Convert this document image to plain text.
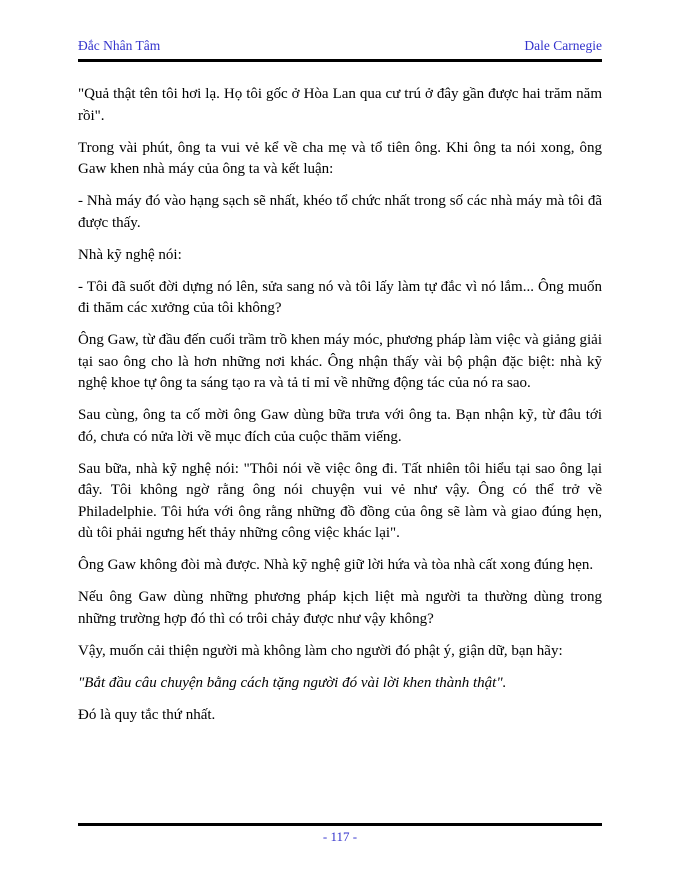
Đắc Nhân Tâm	Dale Carnegie

"Quả thật tên tôi hơi lạ. Họ tôi gốc ở Hòa Lan qua cư trú ở đây gần được hai trăm năm rồi".

Trong vài phút, ông ta vui vẻ kể về cha mẹ và tổ tiên ông. Khi ông ta nói xong, ông Gaw khen nhà máy của ông ta và kết luận:

- Nhà máy đó vào hạng sạch sẽ nhất, khéo tổ chức nhất trong số các nhà máy mà tôi đã được thấy.

Nhà kỹ nghệ nói:

- Tôi đã suốt đời dựng nó lên, sửa sang nó và tôi lấy làm tự đắc vì nó lắm... Ông muốn đi thăm các xưởng của tôi không?

Ông Gaw, từ đầu đến cuối trầm trồ khen máy móc, phương pháp làm việc và giảng giải tại sao ông cho là hơn những nơi khác. Ông nhận thấy vài bộ phận đặc biệt: nhà kỹ nghệ khoe tự ông ta sáng tạo ra và tả tỉ mỉ về những động tác của nó ra sao.

Sau cùng, ông ta cố mời ông Gaw dùng bữa trưa với ông ta. Bạn nhận kỹ, từ đâu tới đó, chưa có nửa lời về mục đích của cuộc thăm viếng.

Sau bữa, nhà kỹ nghệ nói: "Thôi nói về việc ông đi. Tất nhiên tôi hiểu tại sao ông lại đây. Tôi không ngờ rằng ông nói chuyện vui vẻ như vậy. Ông có thể trở về Philadelphie. Tôi hứa với ông rằng những đồ đồng của ông sẽ làm và giao đúng hẹn, dù tôi phải ngưng hết thảy những công việc khác lại".

Ông Gaw không đòi mà được. Nhà kỹ nghệ giữ lời hứa và tòa nhà cất xong đúng hẹn.

Nếu ông Gaw dùng những phương pháp kịch liệt mà người ta thường dùng trong những trường hợp đó thì có trôi chảy được như vậy không?

Vậy, muốn cải thiện người mà không làm cho người đó phật ý, giận dữ, bạn hãy:

"Bắt đầu câu chuyện bằng cách tặng người đó vài lời khen thành thật".

Đó là quy tắc thứ nhất.

- 117 -
